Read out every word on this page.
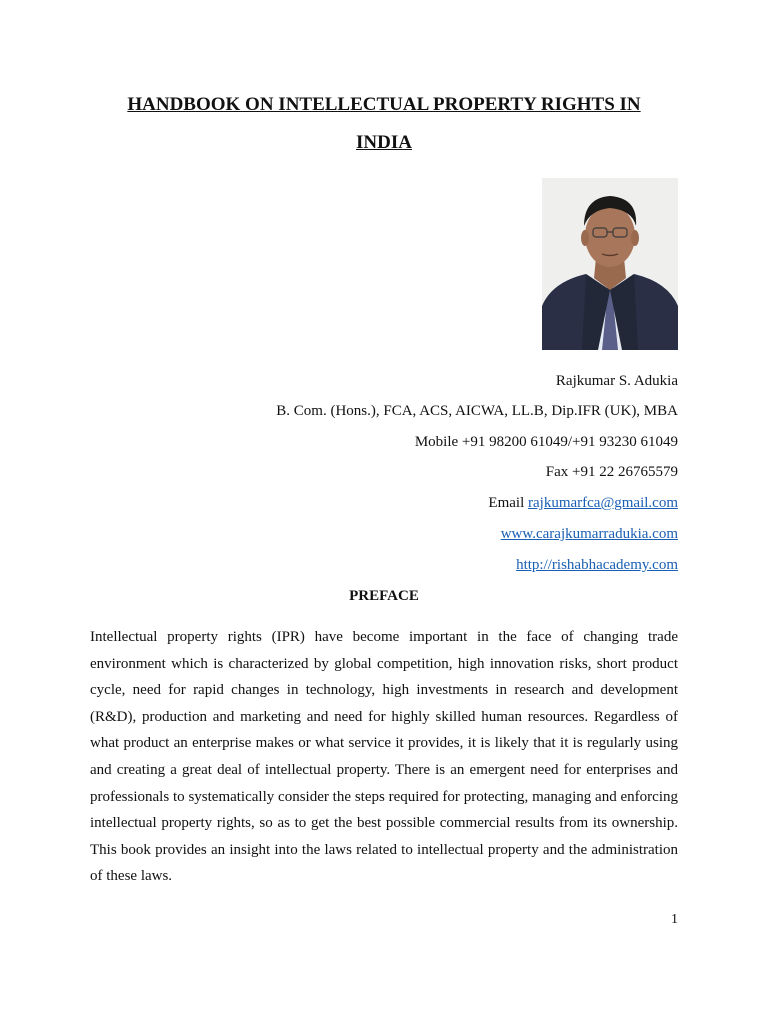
HANDBOOK ON INTELLECTUAL PROPERTY RIGHTS IN
INDIA
Rajkumar S. Adukia
B. Com. (Hons.), FCA, ACS, AICWA, LL.B, Dip.IFR (UK), MBA
Mobile +91 98200 61049/+91 93230 61049
Fax +91 22 26765579
Email rajkumarfca@gmail.com
www.carajkumarradukia.com
http://rishabhacademy.com
PREFACE

Intellectual property rights (IPR) have become important in the face of changing trade environment which is characterized by global competition, high innovation risks, short product cycle, need for rapid changes in technology, high investments in research and development (R&D), production and marketing and need for highly skilled human resources. Regardless of what product an enterprise makes or what service it provides, it is likely that it is regularly using and creating a great deal of intellectual property. There is an emergent need for enterprises and professionals to systematically consider the steps required for protecting, managing and enforcing intellectual property rights, so as to get the best possible commercial results from its ownership. This book provides an insight into the laws related to intellectual property and the administration of these laws.

1
